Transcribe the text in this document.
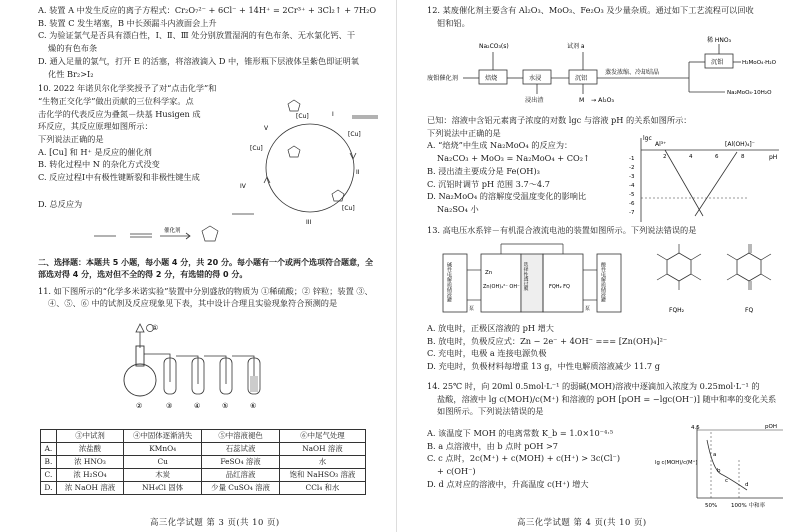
A. 装置 A 中发生反应的离子方程式：Cr₂O₇²⁻ + 6Cl⁻ + 14H⁺ = 2Cr³⁺ + 3Cl₂↑ + 7H₂O
B. 装置 C 发生堵塞，B 中长颈漏斗内液面会上升
C. 为验证氯气是否具有漂白性，Ⅰ、Ⅱ、Ⅲ 处分别放置湿润的有色布条、无水氯化钙、干
燥的有色布条
D. 通入足量的氯气，打开 E 的活塞，将溶液滴入 D 中，锥形瓶下层液体呈紫色即证明氧
化性 Br₂>I₂
10. 2022 年诺贝尔化学奖授予了对“点击化学”和
“生物正交化学”做出贡献的三位科学家。点
击化学的代表反应为叠氮－炔基 Husigen 成
环反应，其反应原理如图所示：
下列说法正确的是
A. [Cu] 和 H⁺ 是反应的催化剂
B. 转化过程中 N 的杂化方式没变
C. 反应过程Ⅰ中有极性键断裂和非极性键生成
D. 总反应为
[Cu]
[Cu]
[Cu]
[Cu]
V
II
III
IV
I
催化剂
二、选择题：本题共 5 小题，每小题 4 分，共 20 分。每小题有一个或两个选项符合题意，全
部选对得 4 分，选对但不全的得 2 分，有选错的得 0 分。
11. 如下图所示的“化学多米诺实验”装置中分别盛放的物质为 ①稀硫酸；② 锌粒；装置 ③、
④、⑤、⑥ 中的试剂及反应现象见下表，其中设计合理且实验现象符合预测的是
①
②	③	④	⑤	⑥
	③中试剂	④中固体逐渐消失	⑤中溶液褪色	⑥中尾气处理
A.	浓盐酸	KMnO₄	石蕊试液	NaOH 溶液
B.	浓 HNO₃	Cu	FeSO₄ 溶液	水
C.	浓 H₂SO₄	木炭	品红溶液	饱和 NaHSO₃ 溶液
D.	浓 NaOH 溶液	NH₄Cl 固体	少量 CuSO₄ 溶液	CCl₄ 和水
高三化学试题 第 3 页(共 10 页)
12. 某废催化剂主要含有 Al₂O₃、MoO₃、Fe₂O₃ 及少量杂质。通过如下工艺流程可以回收
钼和铝。
废钼催化剂
Na₂CO₃(s)
焙烧	水浸
浸出渣
试剂 a
沉铝
M → Al₂O₃
蒸发浓缩、冷却结晶
稀 HNO₃
沉钼	H₂MoO₄·H₂O
Na₂MoO₄·10H₂O
已知：溶液中含铝元素离子浓度的对数 lgc 与溶液 pH 的关系如图所示：
下列说法中正确的是
A. “焙烧”中生成 Na₂MoO₄ 的反应为：
Na₂CO₃ + MoO₃ = Na₂MoO₄ + CO₂↑
B. 浸出渣主要成分是 Fe(OH)₃
C. 沉铝时调节 pH 范围 3.7～4.7
D. Na₂MoO₄ 的溶解度受温度变化的影响比
Na₂SO₄ 小
lgc
pH
Al³⁺	[Al(OH)₄]⁻
-1
-2
-3
-4
-5
-6
-7
2	4	6	8
13. 高电压水系锌－有机混合液流电池的装置如图所示。下列说法错误的是
碱性电解质储液罐	酸性电解质储液罐
Zn
Zn(OH)₄²⁻ OH⁻	FQH₂ FQ
选择性透过膜
泵	泵	FQH₂	FQ
A. 放电时，正极区溶液的 pH 增大
B. 放电时，负极反应式：Zn − 2e⁻ + 4OH⁻ === [Zn(OH)₄]²⁻
C. 充电时，电极 a 连接电源负极
D. 充电时，负极材料每增重 13 g，中性电解质溶液减少 11.7 g
14. 25℃ 时，向 20ml 0.5mol·L⁻¹ 的弱碱(MOH)溶液中逐滴加入浓度为 0.25mol·L⁻¹ 的
盐酸，溶液中 lg c(MOH)/c(M⁺) 和溶液的 pOH [pOH = −lgc(OH⁻)] 随中和率的变化关系
如图所示。下列说法错误的是
A. 该温度下 MOH 的电离常数 K_b = 1.0×10⁻⁴·⁵
B. a 点溶液中，由 b 点时 pOH >7
C. c 点时，2c(M⁺) + c(MOH) + c(H⁺) > 3c(Cl⁻)
+ c(OH⁻)
D. d 点对应的溶液中，升高温度 c(H⁺) 增大
4.5	pOH
lg c(MOH)/c(M⁺)
a
b
c
d
50%	100% 中和率
高三化学试题 第 4 页(共 10 页)
